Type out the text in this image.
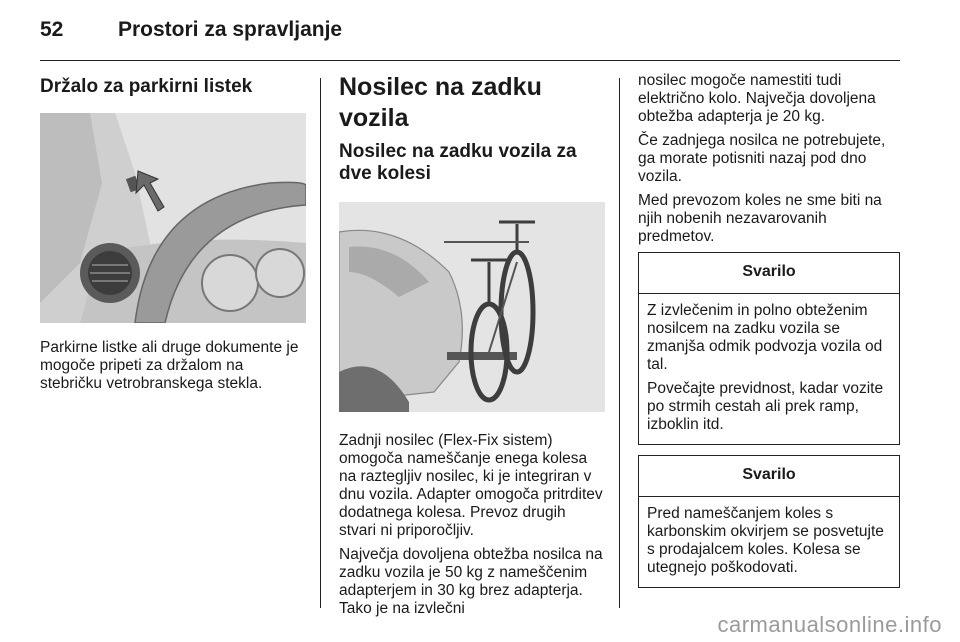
52	Prostori za spravljanje
Držalo za parkirni listek

Parkirne listke ali druge dokumente je mogoče pripeti za držalom na stebričku vetrobranskega stekla.

Nosilec na zadku vozila
Nosilec na zadku vozila za dve kolesi

Zadnji nosilec (Flex-Fix sistem) omogoča nameščanje enega kolesa na raztegljiv nosilec, ki je integriran v dnu vozila. Adapter omogoča pritrditev dodatnega kolesa. Prevoz drugih stvari ni priporočljiv.

Največja dovoljena obtežba nosilca na zadku vozila je 50 kg z nameščenim adapterjem in 30 kg brez adapterja. Tako je na izvlečni

nosilec mogoče namestiti tudi električno kolo. Največja dovoljena obtežba adapterja je 20 kg.

Če zadnjega nosilca ne potrebujete, ga morate potisniti nazaj pod dno vozila.

Med prevozom koles ne sme biti na njih nobenih nezavarovanih predmetov.

Svarilo

Z izvlečenim in polno obteženim nosilcem na zadku vozila se zmanjša odmik podvozja vozila od tal.

Povečajte previdnost, kadar vozite po strmih cestah ali prek ramp, izboklin itd.

Svarilo

Pred nameščanjem koles s karbonskim okvirjem se posvetujte s prodajalcem koles. Kolesa se utegnejo poškodovati.

carmanualsonline.info
